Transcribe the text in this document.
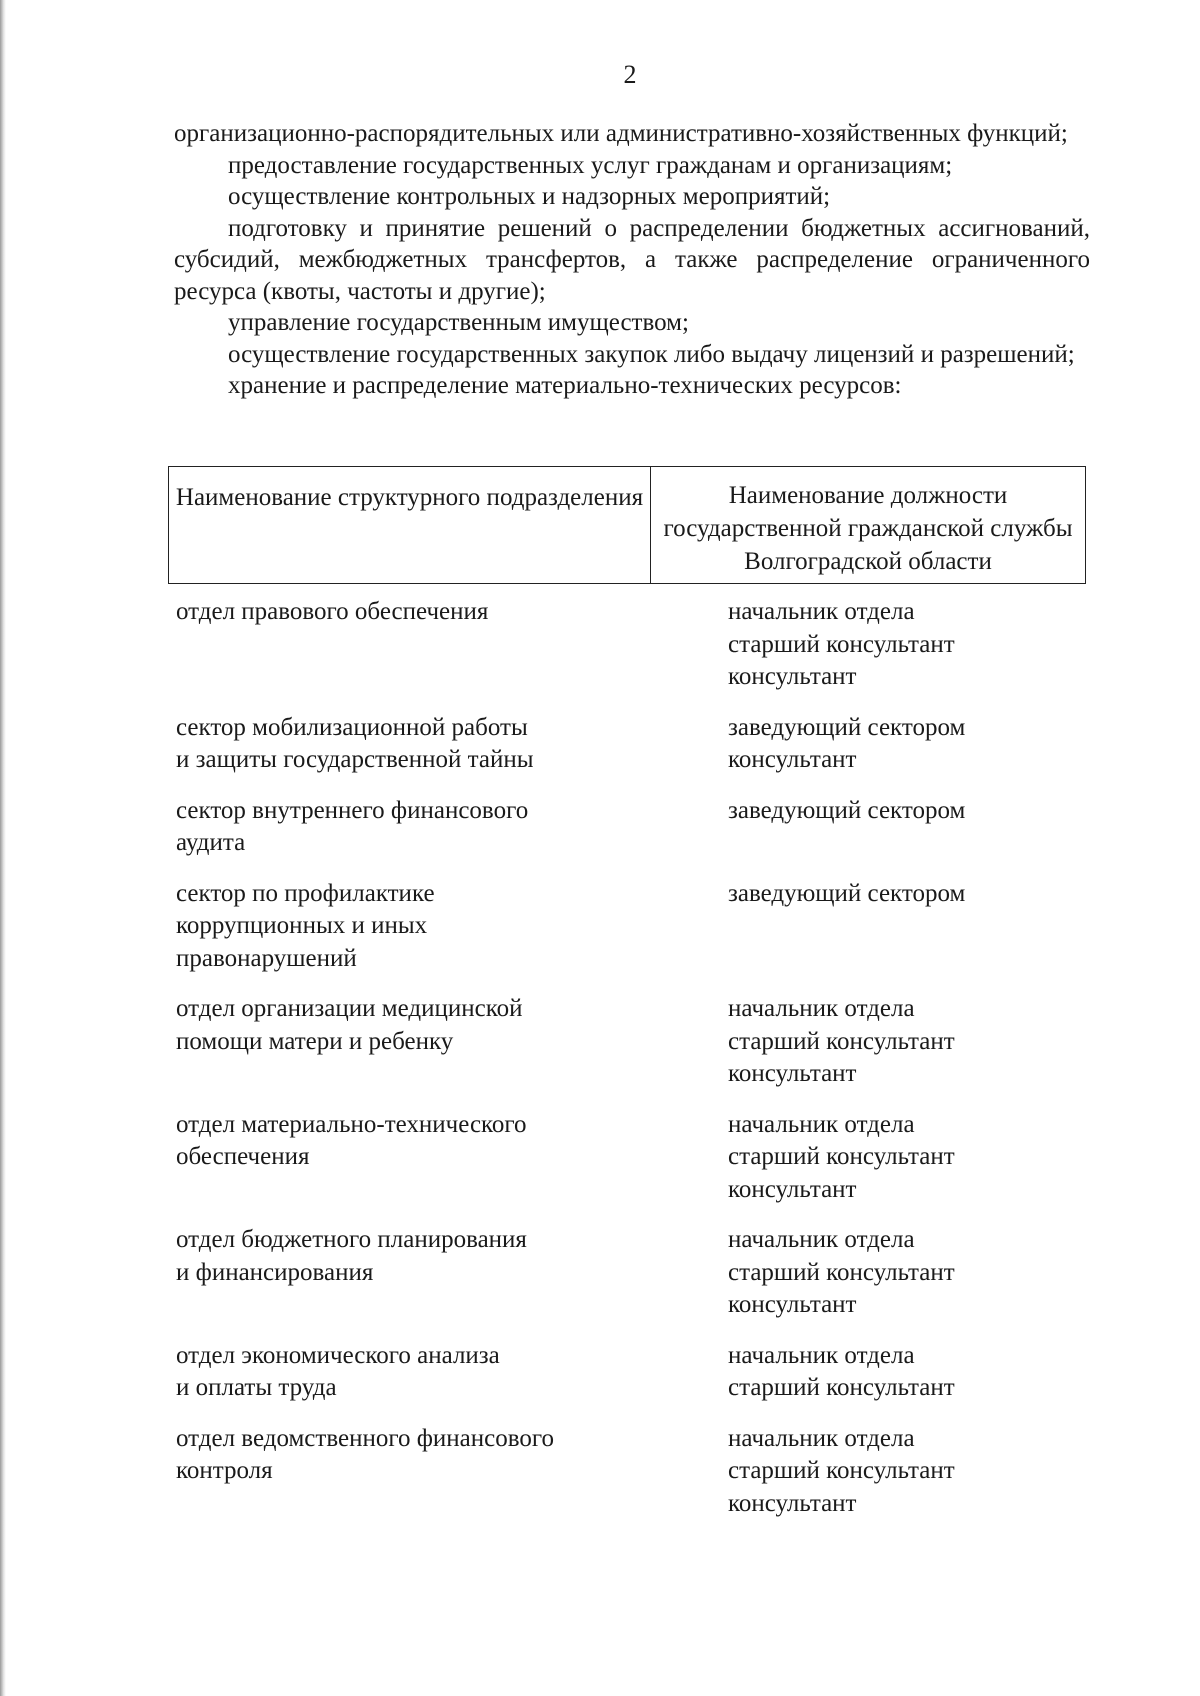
2

организационно-распорядительных или административно-хозяйственных функций;

предоставление государственных услуг гражданам и организациям;

осуществление контрольных и надзорных мероприятий;

подготовку и принятие решений о распределении бюджетных ассигнований, субсидий, межбюджетных трансфертов, а также распределение ограниченного ресурса (квоты, частоты и другие);

управление государственным имуществом;

осуществление государственных закупок либо выдачу лицензий и разрешений;

хранение и распределение материально-технических ресурсов:

Наименование структурного подразделения	Наименование должности государственной гражданской службы Волгоградской области
отдел правового обеспечения	начальник отдела
старший консультант
консультант
сектор мобилизационной работы
и защиты государственной тайны
заведующий сектором
консультант
сектор внутреннего финансового
аудита
заведующий сектором
сектор по профилактике
коррупционных и иных
правонарушений
заведующий сектором
отдел организации медицинской
помощи матери и ребенку
начальник отдела
старший консультант
консультант
отдел материально-технического
обеспечения
начальник отдела
старший консультант
консультант
отдел бюджетного планирования
и финансирования
начальник отдела
старший консультант
консультант
отдел экономического анализа
и оплаты труда
начальник отдела
старший консультант
отдел ведомственного финансового
контроля
начальник отдела
старший консультант
консультант
